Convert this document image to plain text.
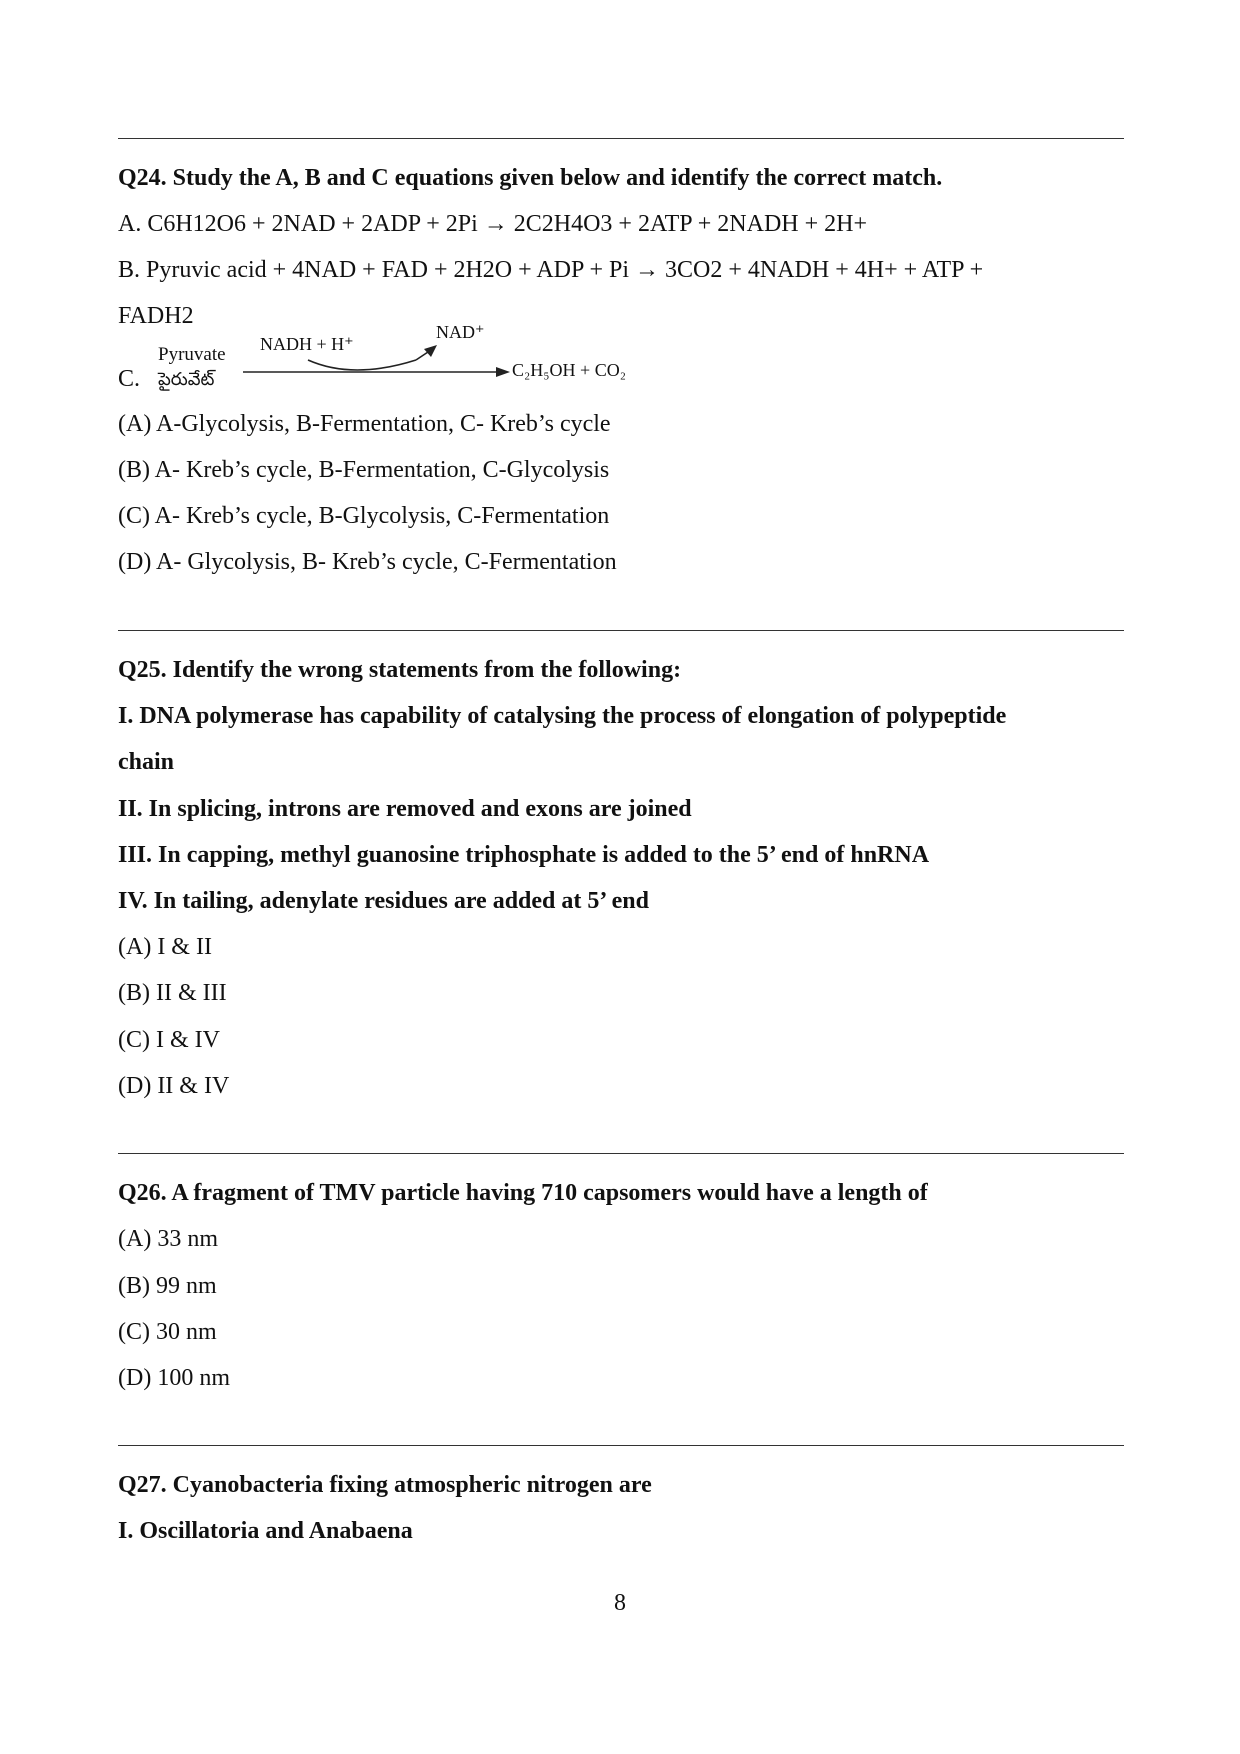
Q24. Study the A, B and C equations given below and identify the correct match.
A. C6H12O6 + 2NAD + 2ADP + 2Pi → 2C2H4O3 + 2ATP + 2NADH + 2H+
B. Pyruvic acid + 4NAD + FAD + 2H2O + ADP + Pi → 3CO2 + 4NADH + 4H+ + ATP +
FADH2
C.
Pyruvate
పైరువేట్
NADH + H⁺
NAD⁺
C₂H₅OH + CO₂
(A) A-Glycolysis, B-Fermentation, C- Kreb’s cycle
(B) A- Kreb’s cycle, B-Fermentation, C-Glycolysis
(C) A- Kreb’s cycle, B-Glycolysis, C-Fermentation
(D) A- Glycolysis, B- Kreb’s cycle, C-Fermentation
Q25. Identify the wrong statements from the following:
I. DNA polymerase has capability of catalysing the process of elongation of polypeptide
chain
II. In splicing, introns are removed and exons are joined
III. In capping, methyl guanosine triphosphate is added to the 5’ end of hnRNA
IV. In tailing, adenylate residues are added at 5’ end
(A) I & II
(B) II & III
(C) I & IV
(D) II & IV
Q26. A fragment of TMV particle having 710 capsomers would have a length of
(A) 33 nm
(B) 99 nm
(C) 30 nm
(D) 100 nm
Q27. Cyanobacteria fixing atmospheric nitrogen are
I. Oscillatoria and Anabaena
8
